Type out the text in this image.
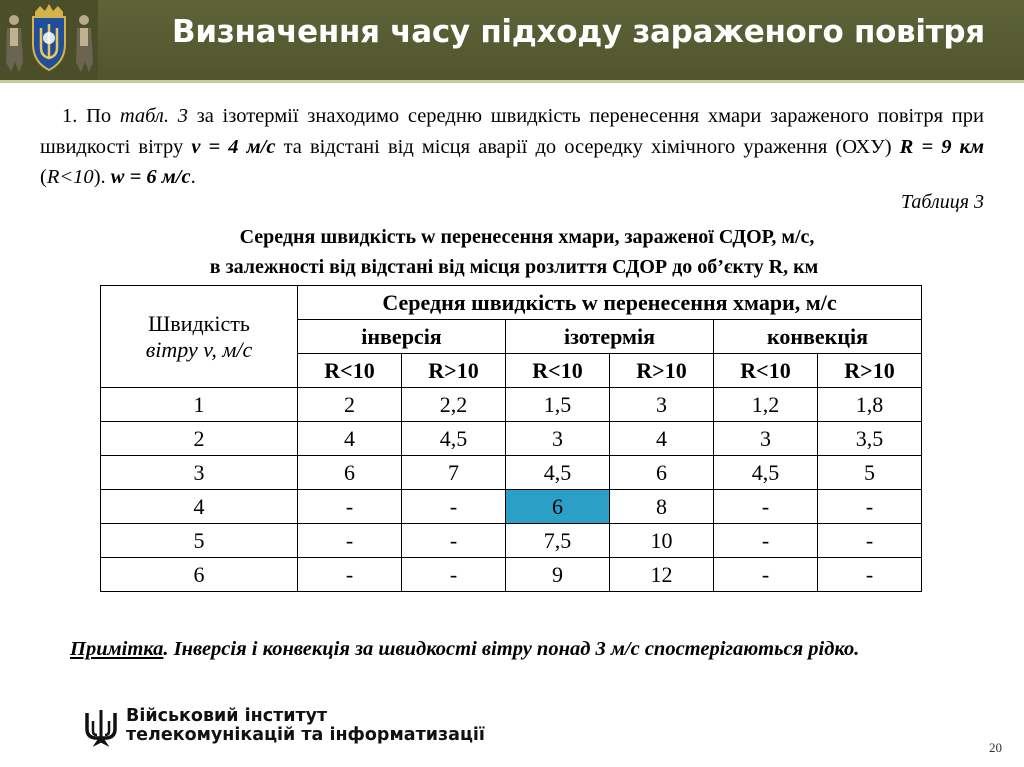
Визначення часу підходу зараженого повітря
1. По табл. 3 за ізотермії знаходимо середню швидкість перенесення хмари зараженого повітря при швидкості вітру v = 4 м/с та відстані від місця аварії до осередку хімічного ураження (ОХУ) R = 9 км (R<10). w = 6 м/с.
Таблиця 3
Середня швидкість w перенесення хмари, зараженої СДОР, м/с,
в залежності від відстані від місця розлиття СДОР до об’єкту R, км
Швидкість
вітру v, м/с	Середня швидкість w перенесення хмари, м/с					
	інверсія		ізотермія		конвекція	
	R<10	R>10	R<10	R>10	R<10	R>10
1	2	2,2	1,5	3	1,2	1,8
2	4	4,5	3	4	3	3,5
3	6	7	4,5	6	4,5	5
4	-	-	6	8	-	-
5	-	-	7,5	10	-	-
6	-	-	9	12	-	-
Примітка. Інверсія і конвекція за швидкості вітру понад 3 м/с спостерігаються рідко.
Військовий інститут
телекомунікацій та інформатизації
20
